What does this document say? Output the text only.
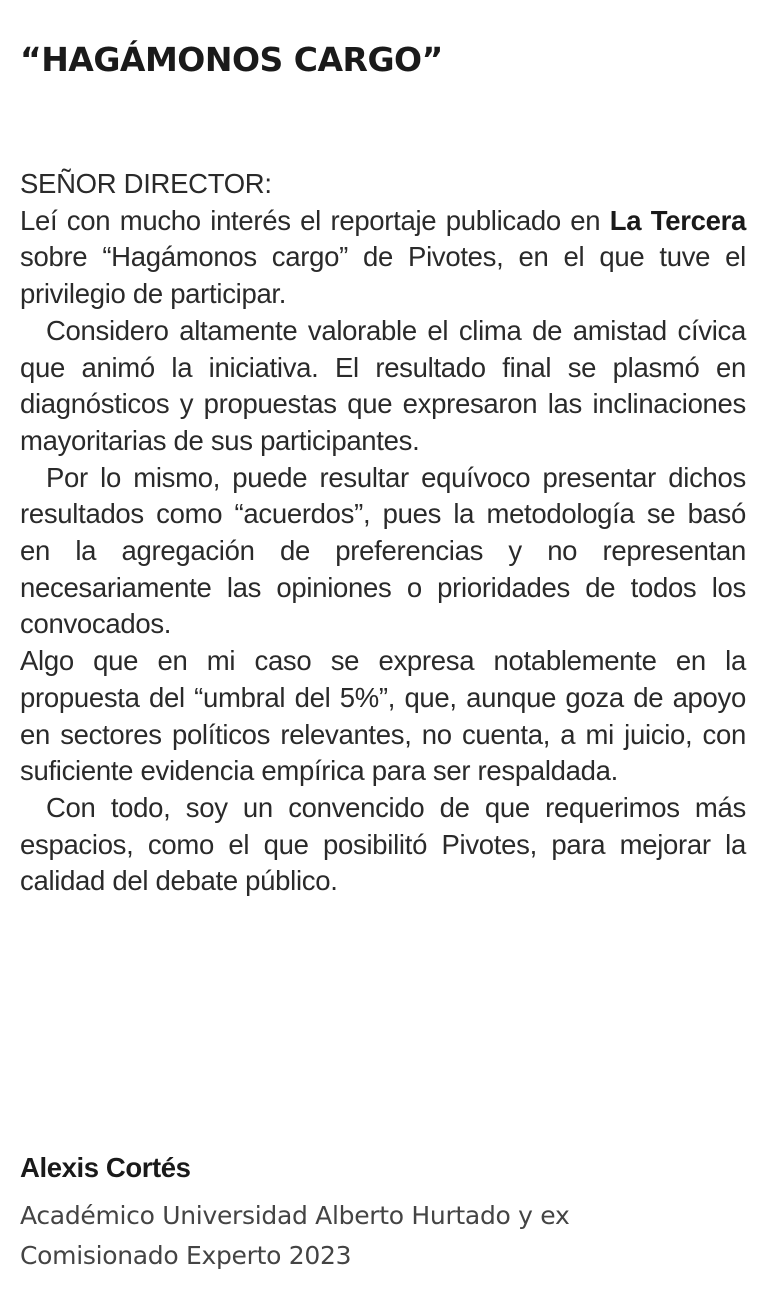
“HAGÁMONOS CARGO”

SEÑOR DIRECTOR:

Leí con mucho interés el reportaje publicado en La Tercera sobre “Hagámonos cargo” de Pivotes, en el que tuve el privilegio de participar.

Considero altamente valorable el clima de amistad cívica que animó la iniciativa. El resultado final se plasmó en diagnósticos y propuestas que expresaron las inclinaciones mayoritarias de sus participantes.

Por lo mismo, puede resultar equívoco presentar dichos resultados como “acuerdos”, pues la metodología se basó en la agregación de preferencias y no representan necesariamente las opiniones o prioridades de todos los convocados.

Algo que en mi caso se expresa notablemente en la propuesta del “umbral del 5%”, que, aunque goza de apoyo en sectores políticos relevantes, no cuenta, a mi juicio, con suficiente evidencia empírica para ser respaldada.

Con todo, soy un convencido de que requerimos más espacios, como el que posibilitó Pivotes, para mejorar la calidad del debate público.

Alexis Cortés

Académico Universidad Alberto Hurtado y ex
Comisionado Experto 2023
